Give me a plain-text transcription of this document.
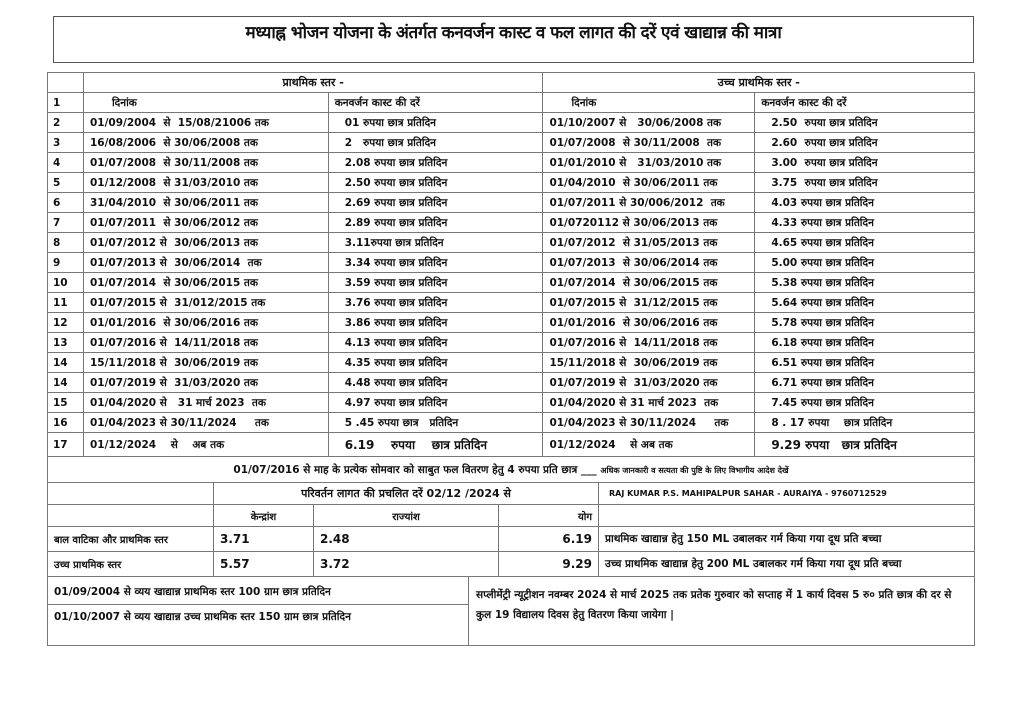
मध्याह्न भोजन योजना के अंतर्गत कनवर्जन कास्ट व फल लागत की दरें एवं खाद्यान्न की मात्रा
	प्राथमिक स्तर -		उच्च प्राथमिक स्तर -	
1	दिनांक	कनवर्जन कास्ट की दरें	दिनांक	कनवर्जन कास्ट की दरें
2	01/09/2004  से  15/08/21006 तक	01 रुपया छात्र प्रतिदिन	01/10/2007 से   30/06/2008 तक	2.50  रुपया छात्र प्रतिदिन
3	16/08/2006  से 30/06/2008 तक	2   रुपया छात्र प्रतिदिन	01/07/2008  से 30/11/2008  तक	2.60  रुपया छात्र प्रतिदिन
4	01/07/2008  से 30/11/2008 तक	2.08 रुपया छात्र प्रतिदिन	01/01/2010 से   31/03/2010 तक	3.00  रुपया छात्र प्रतिदिन
5	01/12/2008  से 31/03/2010 तक	2.50 रुपया छात्र प्रतिदिन	01/04/2010  से 30/06/2011 तक	3.75  रुपया छात्र प्रतिदिन
6	31/04/2010  से 30/06/2011 तक	2.69 रुपया छात्र प्रतिदिन	01/07/2011 से 30/006/2012  तक	4.03 रुपया छात्र प्रतिदिन
7	01/07/2011  से 30/06/2012 तक	2.89 रुपया छात्र प्रतिदिन	01/0720112 से 30/06/2013 तक	4.33 रुपया छात्र प्रतिदिन
8	01/07/2012 से  30/06/2013 तक	3.11रुपया छात्र प्रतिदिन	01/07/2012  से 31/05/2013 तक	4.65 रुपया छात्र प्रतिदिन
9	01/07/2013 से  30/06/2014  तक	3.34 रुपया छात्र प्रतिदिन	01/07/2013  से 30/06/2014 तक	5.00 रुपया छात्र प्रतिदिन
10	01/07/2014  से 30/06/2015 तक	3.59 रुपया छात्र प्रतिदिन	01/07/2014  से 30/06/2015 तक	5.38 रुपया छात्र प्रतिदिन
11	01/07/2015 से  31/012/2015 तक	3.76 रुपया छात्र प्रतिदिन	01/07/2015 से  31/12/2015 तक	5.64 रुपया छात्र प्रतिदिन
12	01/01/2016  से 30/06/2016 तक	3.86 रुपया छात्र प्रतिदिन	01/01/2016  से 30/06/2016 तक	5.78 रुपया छात्र प्रतिदिन
13	01/07/2016 से  14/11/2018 तक	4.13 रुपया छात्र प्रतिदिन	01/07/2016 से  14/11/2018 तक	6.18 रुपया छात्र प्रतिदिन
14	15/11/2018 से  30/06/2019 तक	4.35 रुपया छात्र प्रतिदिन	15/11/2018 से  30/06/2019 तक	6.51 रुपया छात्र प्रतिदिन
14	01/07/2019 से  31/03/2020 तक	4.48 रुपया छात्र प्रतिदिन	01/07/2019 से  31/03/2020 तक	6.71 रुपया छात्र प्रतिदिन
15	01/04/2020 से   31 मार्च 2023  तक	4.97 रुपया छात्र प्रतिदिन	01/04/2020 से 31 मार्च 2023  तक	7.45 रुपया छात्र प्रतिदिन
16	01/04/2023 से 30/11/2024     तक	5 .45 रुपया छात्र   प्रतिदिन	01/04/2023 से 30/11/2024     तक	8 . 17 रुपया    छात्र प्रतिदिन
17	01/12/2024    से    अब तक	6.19    रुपया    छात्र प्रतिदिन	01/12/2024    से अब तक	9.29 रुपया   छात्र प्रतिदिन
01/07/2016 से माह के प्रत्येक सोमवार को साबुत फल वितरण हेतु 4 रुपया प्रति छात्र ___ अधिक जानकारी व सत्यता की पुष्टि के लिए विभागीय आदेश देखें				
	परिवर्तन लागत की प्रचलित दरें 02/12 /2024 से			RAJ KUMAR P.S. MAHIPALPUR SAHAR - AURAIYA - 9760712529
	केन्द्रांश	राज्यांश	योग	
बाल वाटिका और प्राथमिक स्तर	3.71	2.48	6.19	प्राथमिक खाद्यान्न हेतु 150 ML उबालकर गर्म किया गया दूध प्रति बच्चा
उच्च प्राथमिक स्तर	5.57	3.72	9.29	उच्च प्राथमिक खाद्यान्न हेतु 200 ML उबालकर गर्म किया गया दूध प्रति बच्चा
01/09/2004 से व्यय खाद्यान्न प्राथमिक स्तर 100 ग्राम छात्र प्रतिदिन
01/10/2007 से व्यय खाद्यान्न उच्च प्राथमिक स्तर 150 ग्राम छात्र प्रतिदिन
सप्लीमेंट्री न्यूट्रीशन नवम्बर 2024 से मार्च 2025 तक प्रतेक गुरुवार को सप्ताह में 1 कार्य दिवस 5 रु० प्रति छात्र की दर से कुल 19 विद्यालय दिवस हेतु वितरण किया जायेगा |
